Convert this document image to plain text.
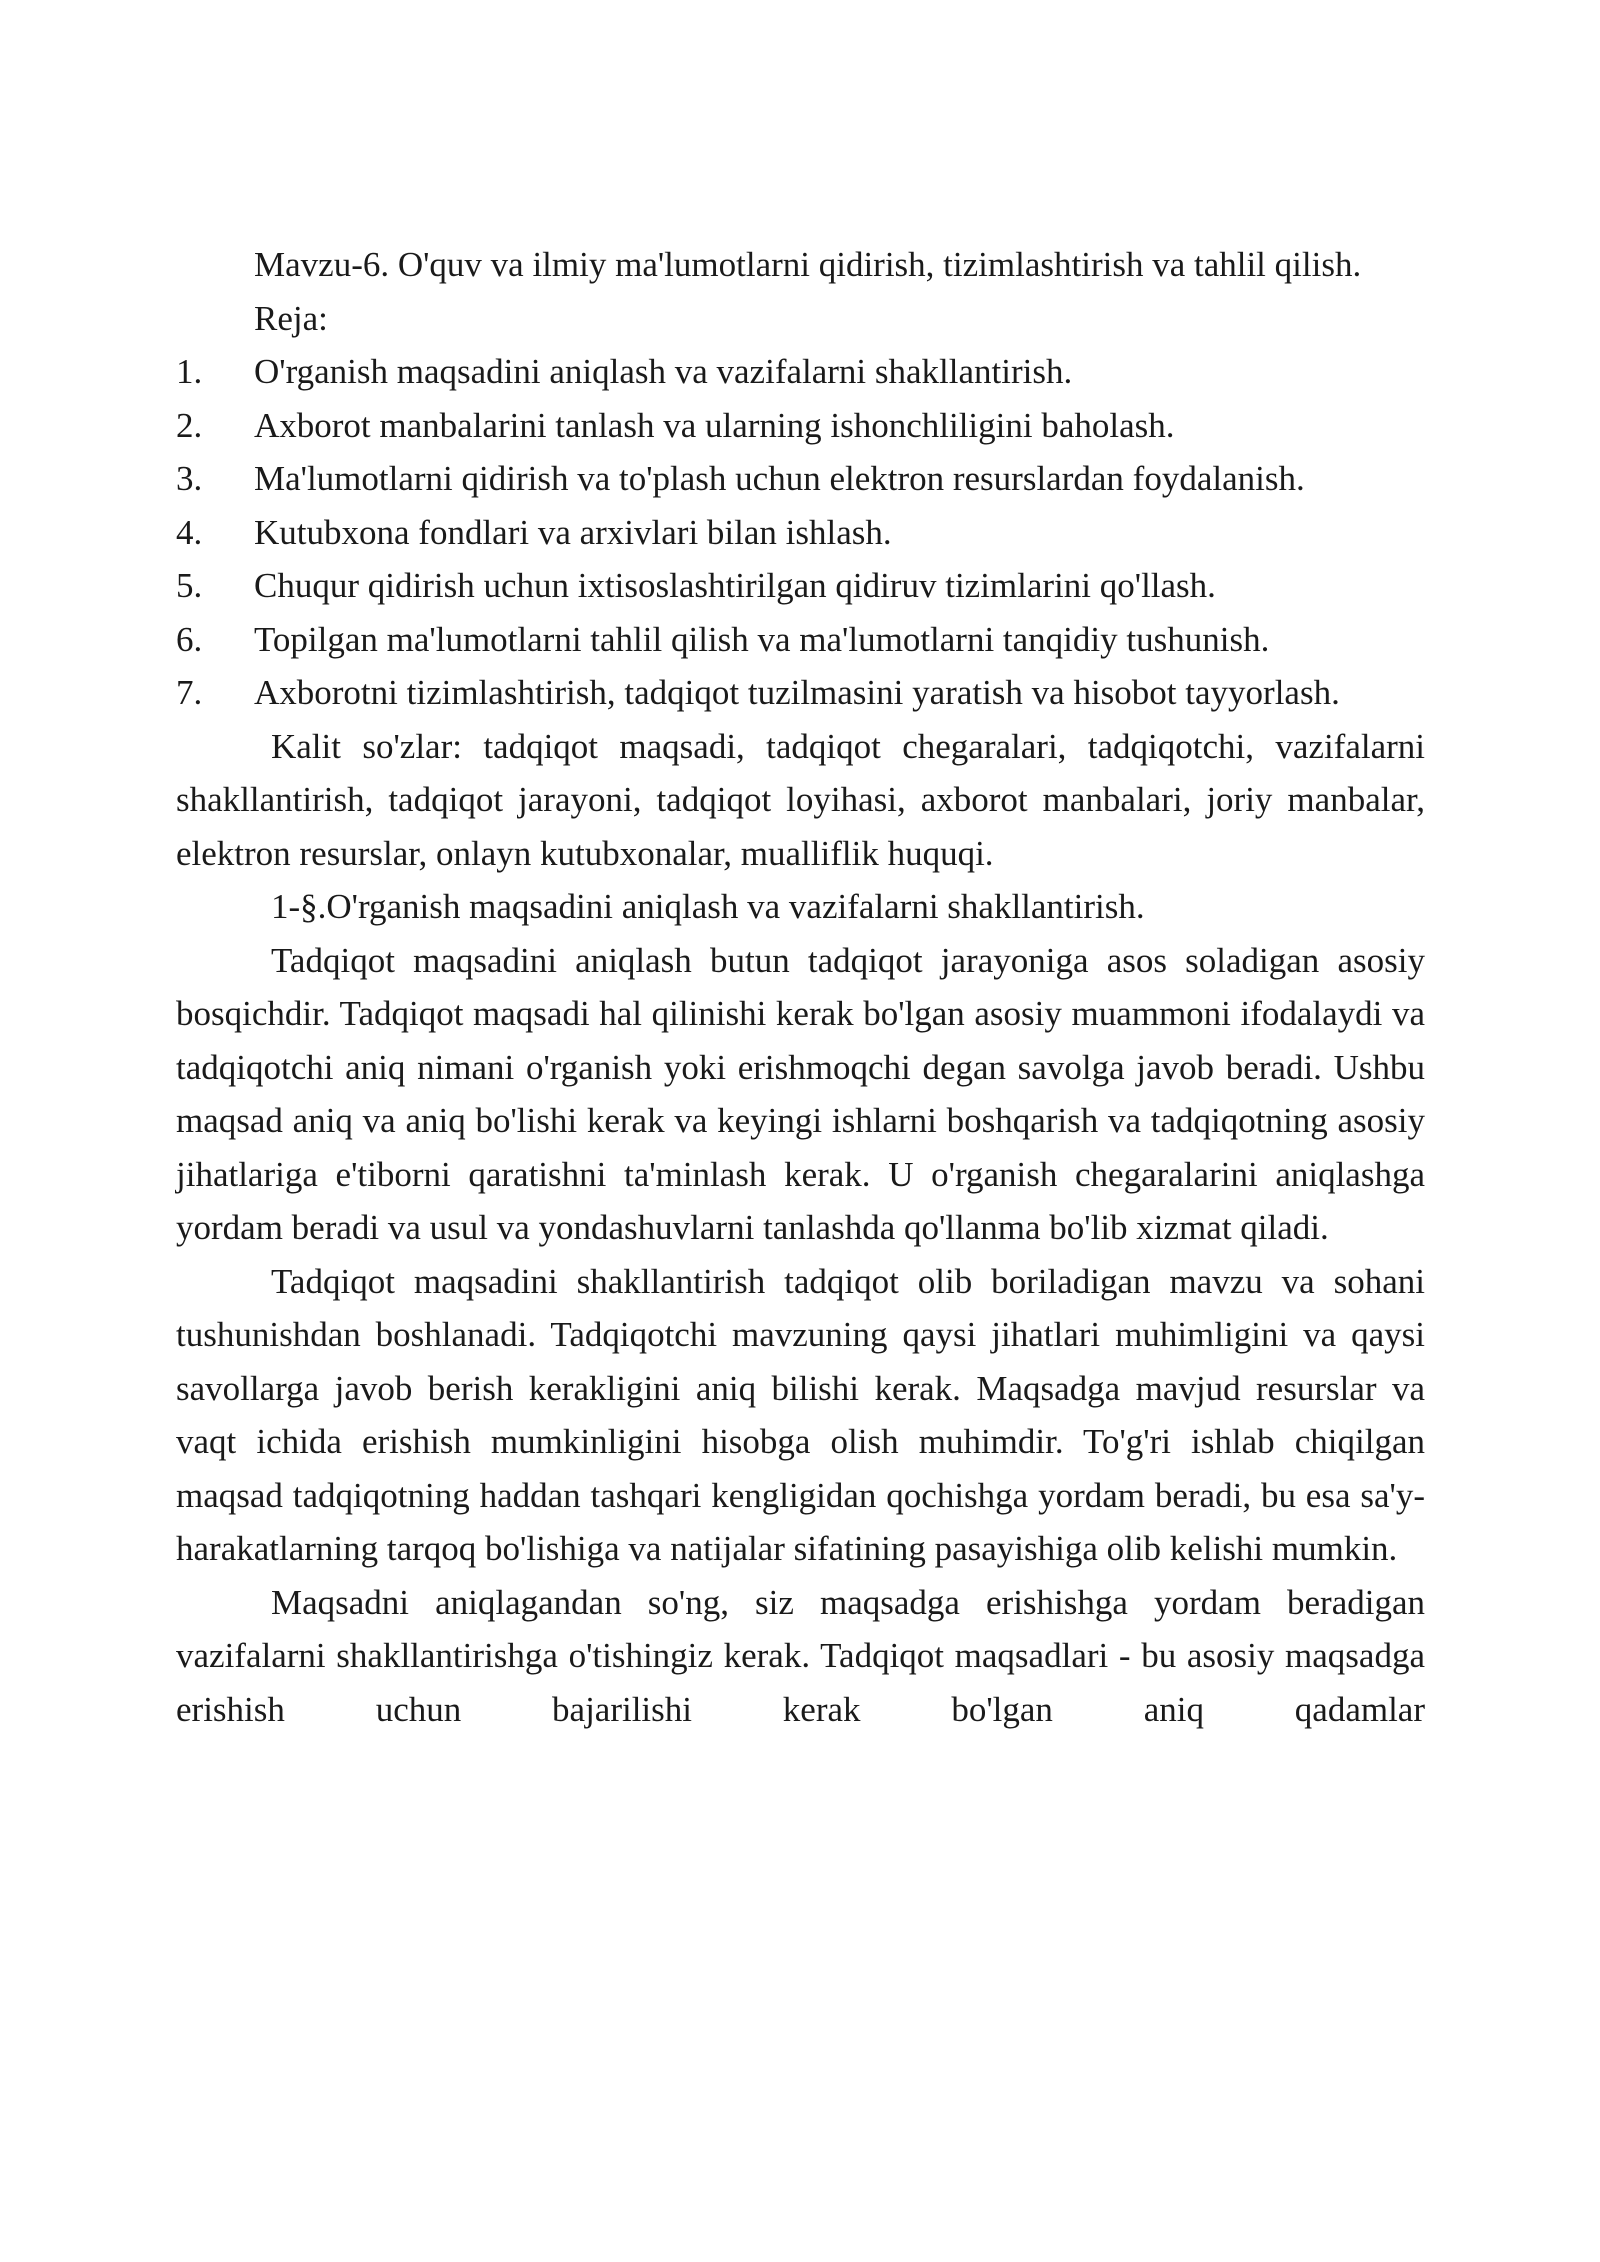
Mavzu-6. O'quv va ilmiy ma'lumotlarni qidirish, tizimlashtirish va tahlil qilish.

Reja:

1.	O'rganish maqsadini aniqlash va vazifalarni shakllantirish.
2.	Axborot manbalarini tanlash va ularning ishonchliligini baholash.
3.	Ma'lumotlarni qidirish va to'plash uchun elektron resurslardan foydalanish.
4.	Kutubxona fondlari va arxivlari bilan ishlash.
5.	Chuqur qidirish uchun ixtisoslashtirilgan qidiruv tizimlarini qo'llash.
6.	Topilgan ma'lumotlarni tahlil qilish va ma'lumotlarni tanqidiy tushunish.
7.	Axborotni tizimlashtirish, tadqiqot tuzilmasini yaratish va hisobot tayyorlash.

Kalit so'zlar: tadqiqot maqsadi, tadqiqot chegaralari, tadqiqotchi, vazifalarni shakllantirish, tadqiqot jarayoni, tadqiqot loyihasi, axborot manbalari, joriy manbalar, elektron resurslar, onlayn kutubxonalar, mualliflik huquqi.

1-§.O'rganish maqsadini aniqlash va vazifalarni shakllantirish.

Tadqiqot maqsadini aniqlash butun tadqiqot jarayoniga asos soladigan asosiy bosqichdir. Tadqiqot maqsadi hal qilinishi kerak bo'lgan asosiy muammoni ifodalaydi va tadqiqotchi aniq nimani o'rganish yoki erishmoqchi degan savolga javob beradi. Ushbu maqsad aniq va aniq bo'lishi kerak va keyingi ishlarni boshqarish va tadqiqotning asosiy jihatlariga e'tiborni qaratishni ta'minlash kerak. U o'rganish chegaralarini aniqlashga yordam beradi va usul va yondashuvlarni tanlashda qo'llanma bo'lib xizmat qiladi.

Tadqiqot maqsadini shakllantirish tadqiqot olib boriladigan mavzu va sohani tushunishdan boshlanadi. Tadqiqotchi mavzuning qaysi jihatlari muhimligini va qaysi savollarga javob berish kerakligini aniq bilishi kerak. Maqsadga mavjud resurslar va vaqt ichida erishish mumkinligini hisobga olish muhimdir. To'g'ri ishlab chiqilgan maqsad tadqiqotning haddan tashqari kengligidan qochishga yordam beradi, bu esa sa'y-harakatlarning tarqoq bo'lishiga va natijalar sifatining pasayishiga olib kelishi mumkin.

Maqsadni aniqlagandan so'ng, siz maqsadga erishishga yordam beradigan vazifalarni shakllantirishga o'tishingiz kerak. Tadqiqot maqsadlari - bu asosiy maqsadga erishish uchun bajarilishi kerak bo'lgan aniq qadamlar
